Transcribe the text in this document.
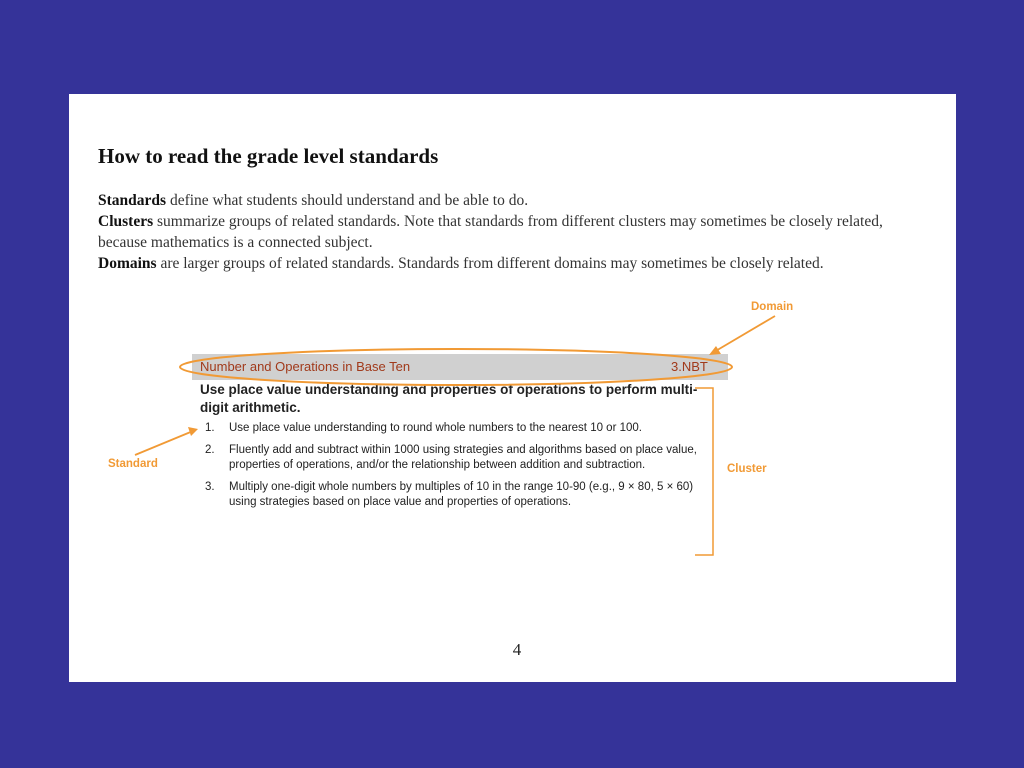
How to read the grade level standards

Standards define what students should understand and be able to do.

Clusters summarize groups of related standards. Note that standards from different clusters may sometimes be closely related, because mathematics is a connected subject.

Domains are larger groups of related standards. Standards from different domains may sometimes be closely related.

Number and Operations in Base Ten	3.NBT
Use place value understanding and properties of operations to perform multi-digit arithmetic.
1.	Use place value understanding to round whole numbers to the nearest 10 or 100.
2.	Fluently add and subtract within 1000 using strategies and algorithms based on place value, properties of operations, and/or the relationship between addition and subtraction.
3.	Multiply one-digit whole numbers by multiples of 10 in the range 10-90 (e.g., 9 × 80, 5 × 60) using strategies based on place value and properties of operations.
Domain
Standard	Cluster
4
